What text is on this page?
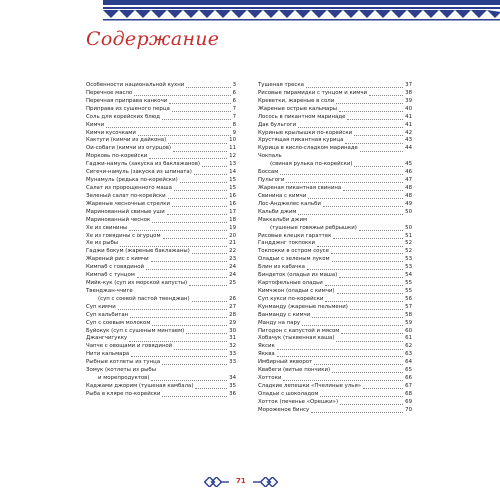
Содержание
Особенности национальной кухни	3
Перечное масло	6
Перечная приправа канкочи	6
Приправа из сушеного перца	7
Соль для корейских блюд	7
Кимчи	8
Кимчи кусочками	9
Кактуги (кимчи из дайкона)	10
Ои-собаги (кимчи из огурцов)	11
Морковь по-корейски	12
Гаджи-намуль (закуска из баклажанов)	13
Сигечи-намуль (закуска из шпината)	14
Мунамуль (редька по-корейски)	15
Салат из пророщенного маша	15
Зеленый салат по-корейски	16
Жареные чесночные стрелки	16
Маринованный свиные уши	17
Маринованный чеснок	18
Хе из свинины	19
Хе из говядины с огурцом	20
Хе из рыбы	21
Гаджи бокум (жареные баклажаны)	22
Жареный рис с кимчи	23
Кимпаб с говядиной	24
Кимпаб с тунцом	24
Мийк-кук (суп из морской капусты)	25
Твенджан-ччиге
(суп с соевой пастой твенджан)	26
Суп кимчи	27
Суп кальбитан	28
Суп с соевым молоком	29
Буйокук (суп с сушеным минтаем)	30
Джангчигукку	31
Чапче с овощами и говядиной	32
Нити кальмара	33
Рыбные котлеты из тунца	33
Зомук (котлеты из рыбы
и морепродуктов)	34
Каджами джорим (тушеная камбала)	35
Рыба в кляре по-корейски	36
Тушеная треска	37
Рисовые пирамидки с тунцом и кимчи	38
Креветки, жареные в соли	39
Жареные острые кальмары	40
Лосось в пикантном маринаде	41
Дак бульгоги	41
Куриные крылышки по-корейски	42
Хрустящая пикантная курица	43
Курица в кисло-сладком маринаде	44
Чокпаль
(свиная рулька по-корейски)	45
Боссам	46
Пульгоги	47
Жареная пикантная свинина	48
Свинина с кимчи	48
Лос-Анджелес кальби	49
Кальби джим	50
Маккальби джим
(тушеные говяжьи ребрышки)	50
Рисовые клецки гараттек	51
Гандджнг токпокки	52
Токпокки в остром соусе	52
Оладьи с зеленым луком	53
Блин из кабачка	53
Биндеток (оладьи из маша)	54
Картофельные оладьи	55
Кимчжон (оладьи с кимчи)	55
Суп кукси по-корейски	56
Кунмандy (жареные пельмени)	57
Ванмандy с кимчи	58
Манду на пару	59
Пигодон с капустой и мясом	60
Хобачук (тыквенная каша)	61
Яксик	62
Якква	63
Имбирный якворот	64
Квабеги (витые пончики)	65
Хоттоки	66
Сладкие лепешки «Пчелиные улья»	67
Оладьи с шоколадом	68
Хотток (печенье «Орешки»)	69
Мороженое бинсу	70
71
